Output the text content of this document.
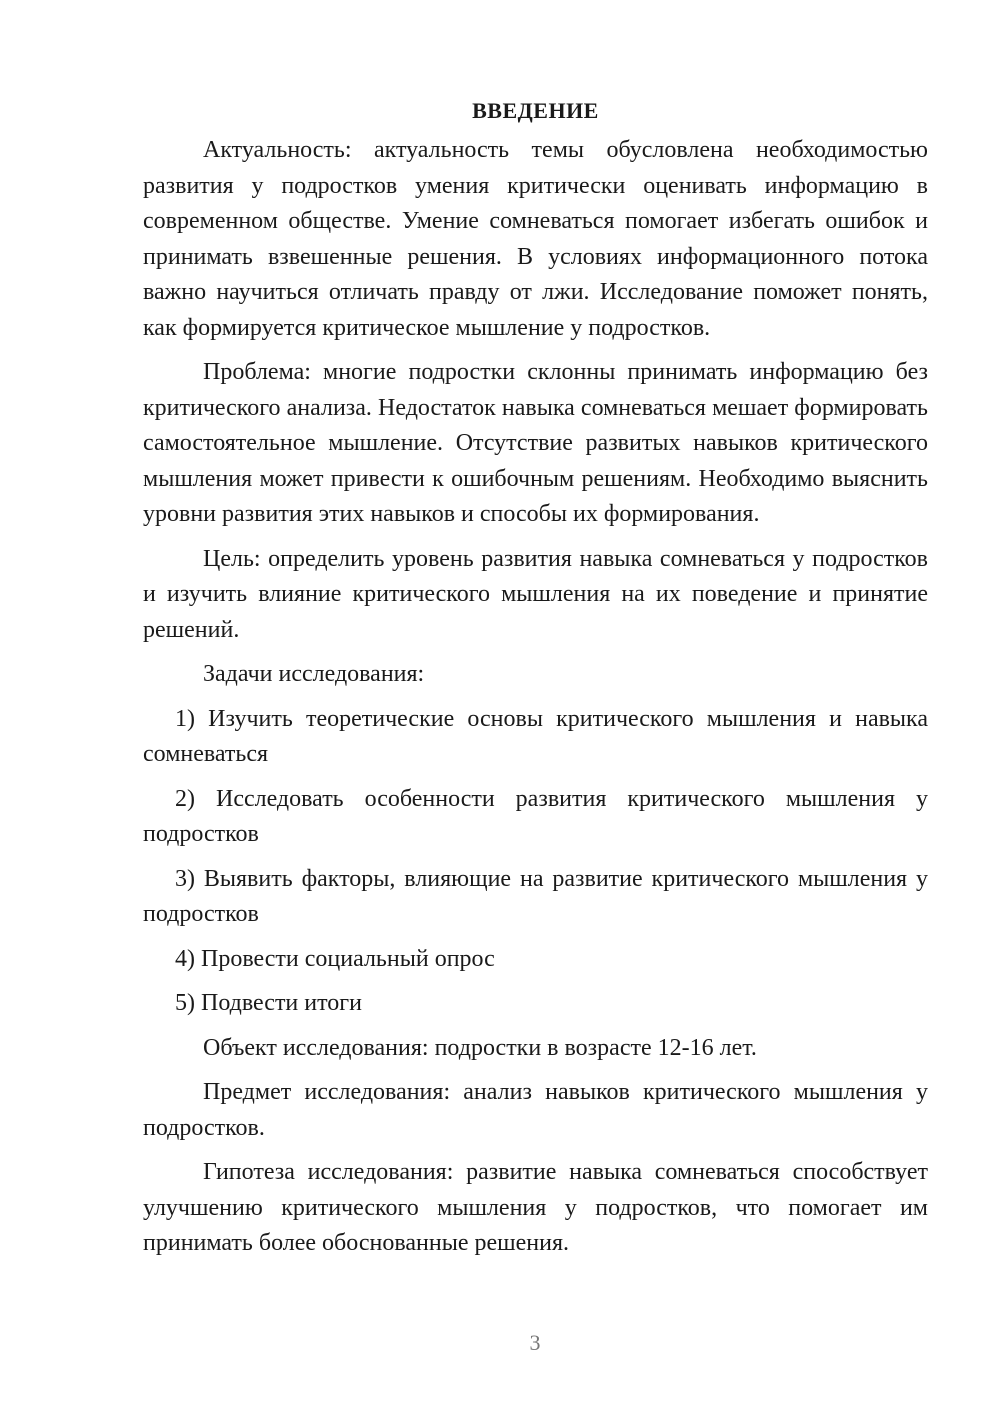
ВВЕДЕНИЕ

Актуальность: актуальность темы обусловлена необходимостью развития у подростков умения критически оценивать информацию в современном обществе. Умение сомневаться помогает избегать ошибок и принимать взвешенные решения. В условиях информационного потока важно научиться отличать правду от лжи. Исследование поможет понять, как формируется критическое мышление у подростков.

Проблема: многие подростки склонны принимать информацию без критического анализа. Недостаток навыка сомневаться мешает формировать самостоятельное мышление. Отсутствие развитых навыков критического мышления может привести к ошибочным решениям. Необходимо выяснить уровни развития этих навыков и способы их формирования.

Цель: определить уровень развития навыка сомневаться у подростков и изучить влияние критического мышления на их поведение и принятие решений.

Задачи исследования:

1) Изучить теоретические основы критического мышления и навыка сомневаться

2) Исследовать особенности развития критического мышления у подростков

3) Выявить факторы, влияющие на развитие критического мышления у подростков

4) Провести социальный опрос

5) Подвести итоги

Объект исследования: подростки в возрасте 12-16 лет.

Предмет исследования: анализ навыков критического мышления у подростков.

Гипотеза исследования: развитие навыка сомневаться способствует улучшению критического мышления у подростков, что помогает им принимать более обоснованные решения.

3
